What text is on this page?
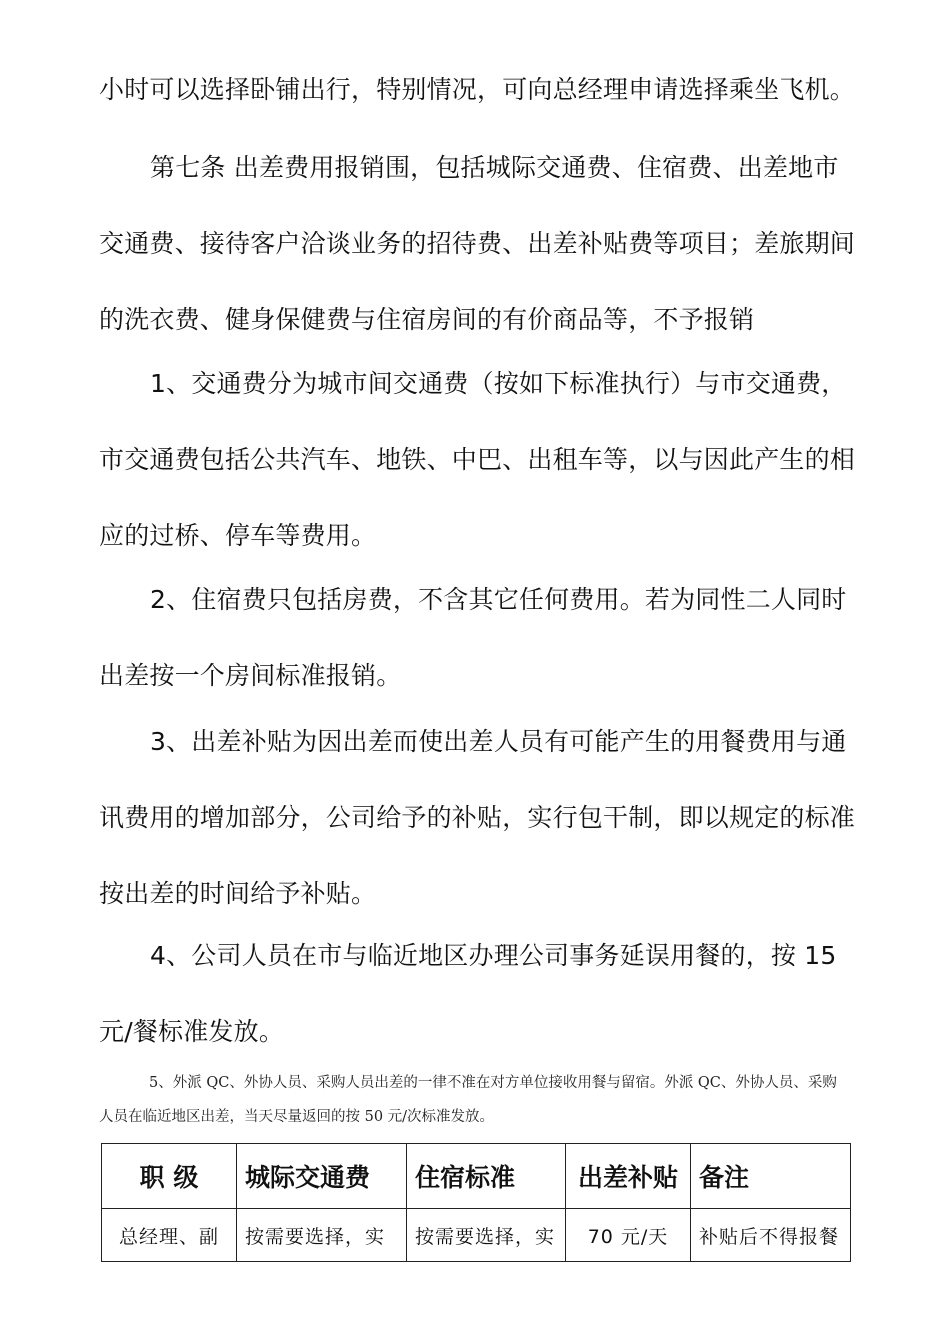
小时可以选择卧铺出行，特别情况，可向总经理申请选择乘坐飞机。

第七条 出差费用报销围，包括城际交通费、住宿费、出差地市交通费、接待客户洽谈业务的招待费、出差补贴费等项目；差旅期间的洗衣费、健身保健费与住宿房间的有价商品等，不予报销

1、交通费分为城市间交通费（按如下标准执行）与市交通费，市交通费包括公共汽车、地铁、中巴、出租车等，以与因此产生的相应的过桥、停车等费用。

2、住宿费只包括房费，不含其它任何费用。若为同性二人同时出差按一个房间标准报销。

3、出差补贴为因出差而使出差人员有可能产生的用餐费用与通讯费用的增加部分，公司给予的补贴，实行包干制，即以规定的标准按出差的时间给予补贴。

4、公司人员在市与临近地区办理公司事务延误用餐的，按 15 元/餐标准发放。

5、外派 QC、外协人员、采购人员出差的一律不准在对方单位接收用餐与留宿。外派 QC、外协人员、采购人员在临近地区出差，当天尽量返回的按 50 元/次标准发放。

职 级	城际交通费	住宿标准	出差补贴	备注
总经理、副	按需要选择，实	按需要选择，实	70 元/天	补贴后不得报餐
